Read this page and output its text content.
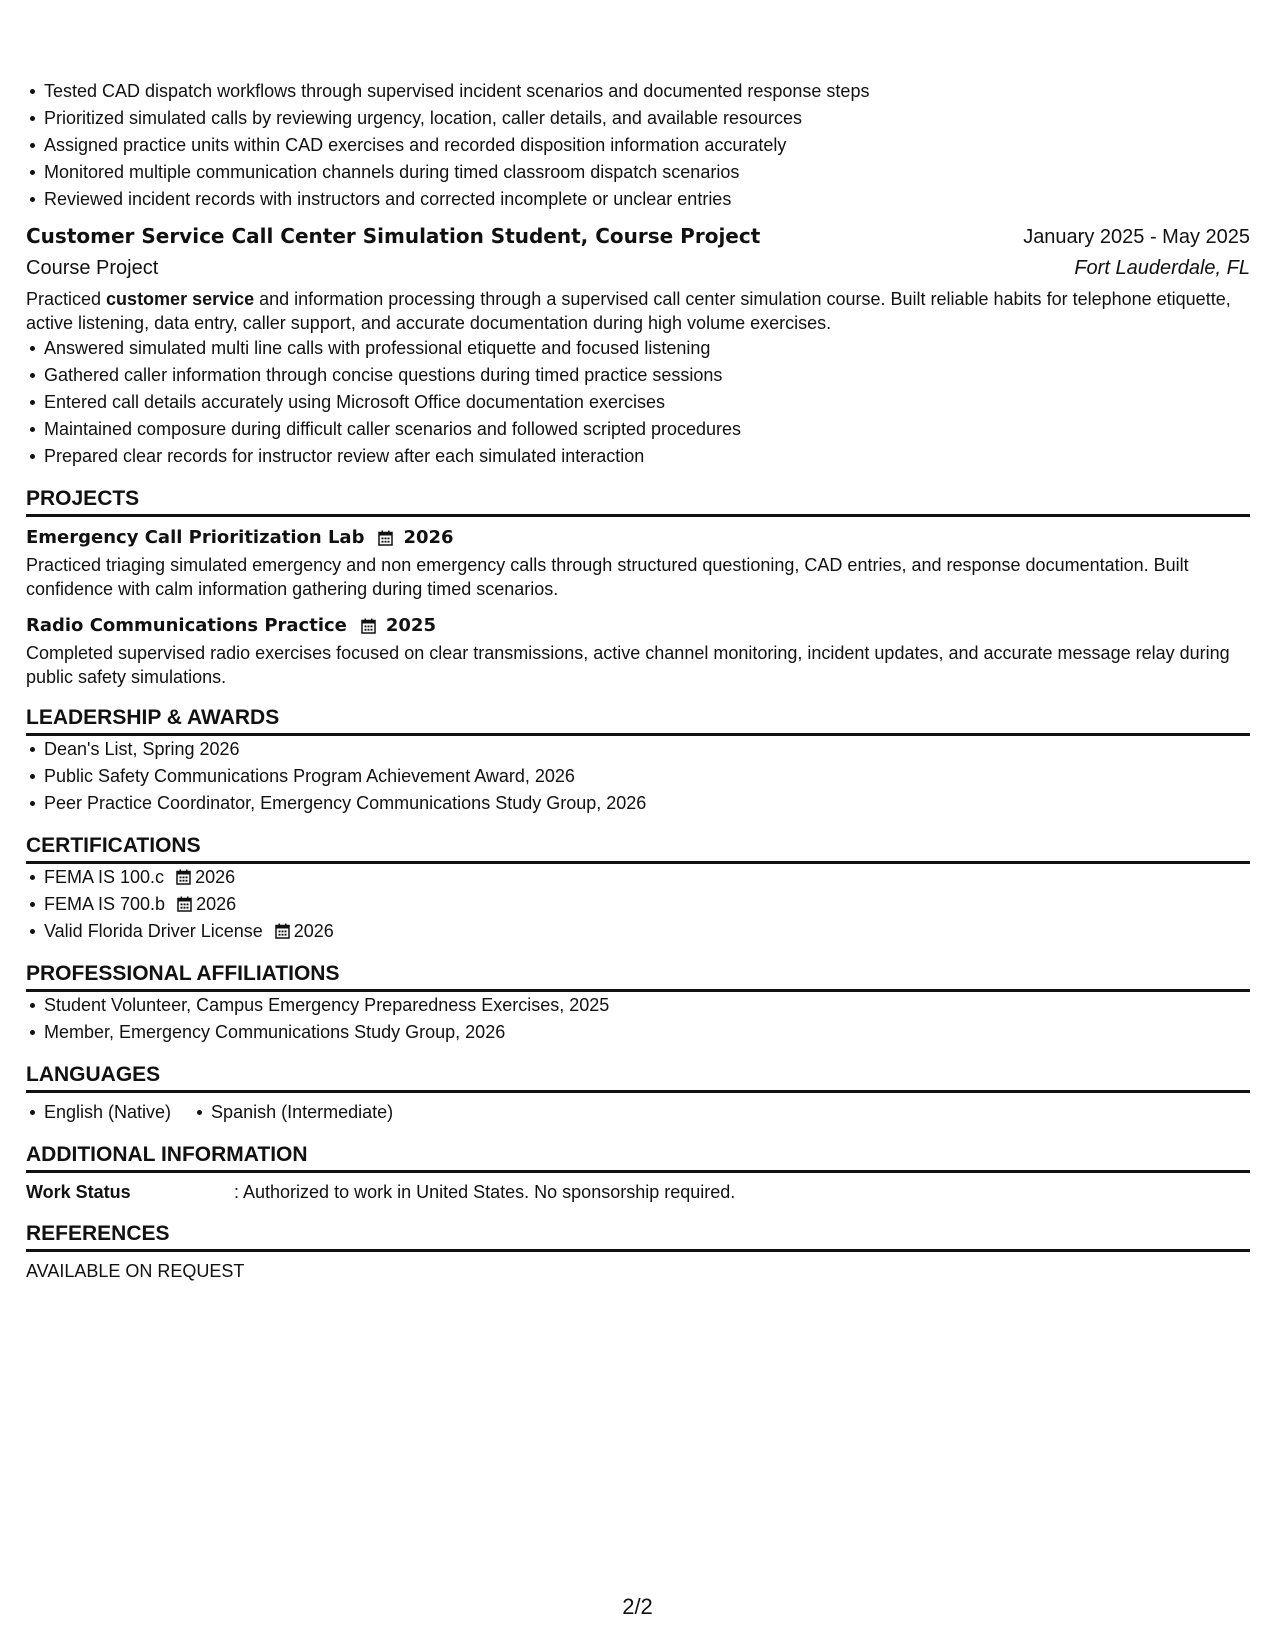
Tested CAD dispatch workflows through supervised incident scenarios and documented response steps
Prioritized simulated calls by reviewing urgency, location, caller details, and available resources
Assigned practice units within CAD exercises and recorded disposition information accurately
Monitored multiple communication channels during timed classroom dispatch scenarios
Reviewed incident records with instructors and corrected incomplete or unclear entries
Customer Service Call Center Simulation Student, Course Project	January 2025 - May 2025
Course Project	Fort Lauderdale, FL
Practiced customer service and information processing through a supervised call center simulation course. Built reliable habits for telephone etiquette, active listening, data entry, caller support, and accurate documentation during high volume exercises.
Answered simulated multi line calls with professional etiquette and focused listening
Gathered caller information through concise questions during timed practice sessions
Entered call details accurately using Microsoft Office documentation exercises
Maintained composure during difficult caller scenarios and followed scripted procedures
Prepared clear records for instructor review after each simulated interaction
PROJECTS
Emergency Call Prioritization Lab 2026
Practiced triaging simulated emergency and non emergency calls through structured questioning, CAD entries, and response documentation. Built confidence with calm information gathering during timed scenarios.
Radio Communications Practice 2025
Completed supervised radio exercises focused on clear transmissions, active channel monitoring, incident updates, and accurate message relay during public safety simulations.
LEADERSHIP & AWARDS
Dean's List, Spring 2026
Public Safety Communications Program Achievement Award, 2026
Peer Practice Coordinator, Emergency Communications Study Group, 2026
CERTIFICATIONS
FEMA IS 100.c 2026
FEMA IS 700.b 2026
Valid Florida Driver License 2026
PROFESSIONAL AFFILIATIONS
Student Volunteer, Campus Emergency Preparedness Exercises, 2025
Member, Emergency Communications Study Group, 2026
LANGUAGES
English (Native) Spanish (Intermediate)
ADDITIONAL INFORMATION
Work Status	: Authorized to work in United States. No sponsorship required.
REFERENCES
AVAILABLE ON REQUEST
2/2
